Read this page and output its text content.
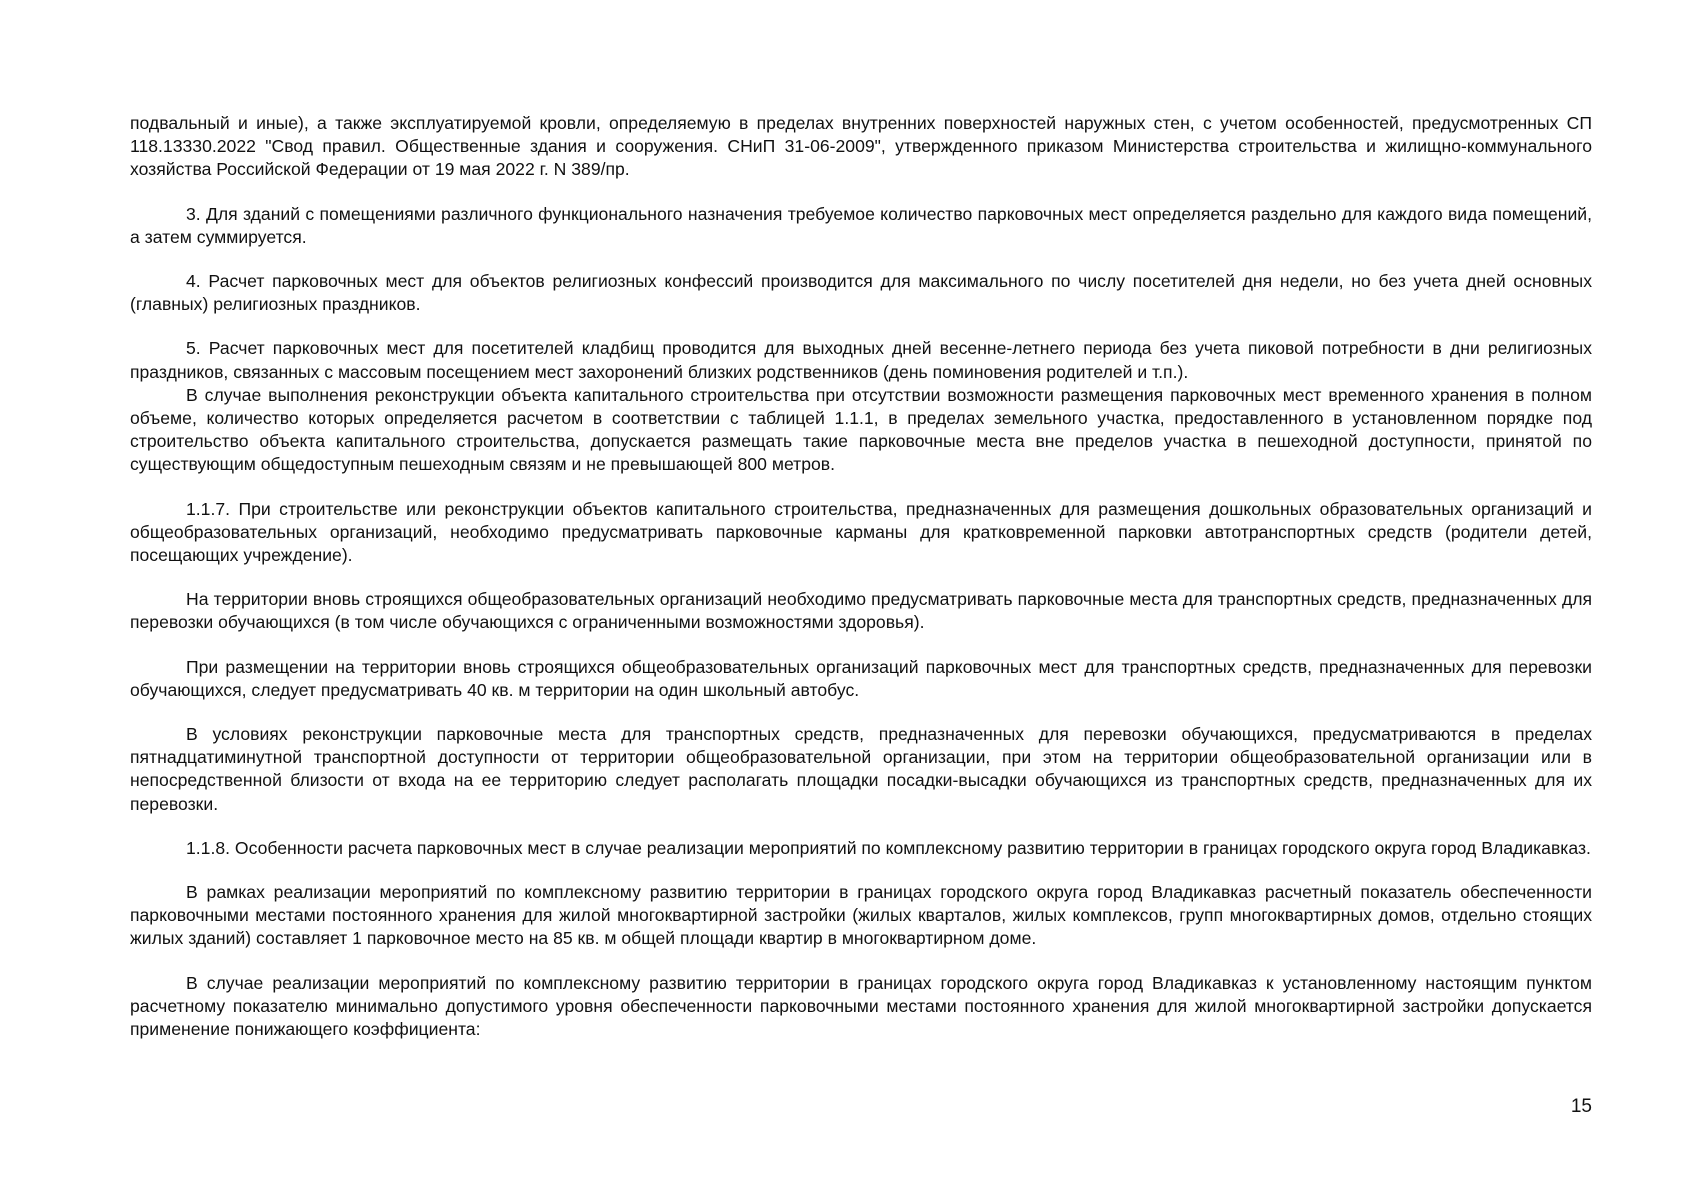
подвальный и иные), а также эксплуатируемой кровли, определяемую в пределах внутренних поверхностей наружных стен, с учетом особенностей, предусмотренных СП 118.13330.2022 "Свод правил. Общественные здания и сооружения. СНиП 31-06-2009", утвержденного приказом Министерства строительства и жилищно-коммунального хозяйства Российской Федерации от 19 мая 2022 г. N 389/пр.

3. Для зданий с помещениями различного функционального назначения требуемое количество парковочных мест определяется раздельно для каждого вида помещений, а затем суммируется.

4. Расчет парковочных мест для объектов религиозных конфессий производится для максимального по числу посетителей дня недели, но без учета дней основных (главных) религиозных праздников.

5. Расчет парковочных мест для посетителей кладбищ проводится для выходных дней весенне-летнего периода без учета пиковой потребности в дни религиозных праздников, связанных с массовым посещением мест захоронений близких родственников (день поминовения родителей и т.п.).

В случае выполнения реконструкции объекта капитального строительства при отсутствии возможности размещения парковочных мест временного хранения в полном объеме, количество которых определяется расчетом в соответствии с таблицей 1.1.1, в пределах земельного участка, предоставленного в установленном порядке под строительство объекта капитального строительства, допускается размещать такие парковочные места вне пределов участка в пешеходной доступности, принятой по существующим общедоступным пешеходным связям и не превышающей 800 метров.

1.1.7. При строительстве или реконструкции объектов капитального строительства, предназначенных для размещения дошкольных образовательных организаций и общеобразовательных организаций, необходимо предусматривать парковочные карманы для кратковременной парковки автотранспортных средств (родители детей, посещающих учреждение).

На территории вновь строящихся общеобразовательных организаций необходимо предусматривать парковочные места для транспортных средств, предназначенных для перевозки обучающихся (в том числе обучающихся с ограниченными возможностями здоровья).

При размещении на территории вновь строящихся общеобразовательных организаций парковочных мест для транспортных средств, предназначенных для перевозки обучающихся, следует предусматривать 40 кв. м территории на один школьный автобус.

В условиях реконструкции парковочные места для транспортных средств, предназначенных для перевозки обучающихся, предусматриваются в пределах пятнадцатиминутной транспортной доступности от территории общеобразовательной организации, при этом на территории общеобразовательной организации или в непосредственной близости от входа на ее территорию следует располагать площадки посадки-высадки обучающихся из транспортных средств, предназначенных для их перевозки.

1.1.8. Особенности расчета парковочных мест в случае реализации мероприятий по комплексному развитию территории в границах городского округа город Владикавказ.

В рамках реализации мероприятий по комплексному развитию территории в границах городского округа город Владикавказ расчетный показатель обеспеченности парковочными местами постоянного хранения для жилой многоквартирной застройки (жилых кварталов, жилых комплексов, групп многоквартирных домов, отдельно стоящих жилых зданий) составляет 1 парковочное место на 85 кв. м общей площади квартир в многоквартирном доме.

В случае реализации мероприятий по комплексному развитию территории в границах городского округа город Владикавказ к установленному настоящим пунктом расчетному показателю минимально допустимого уровня обеспеченности парковочными местами постоянного хранения для жилой многоквартирной застройки допускается применение понижающего коэффициента:

15
